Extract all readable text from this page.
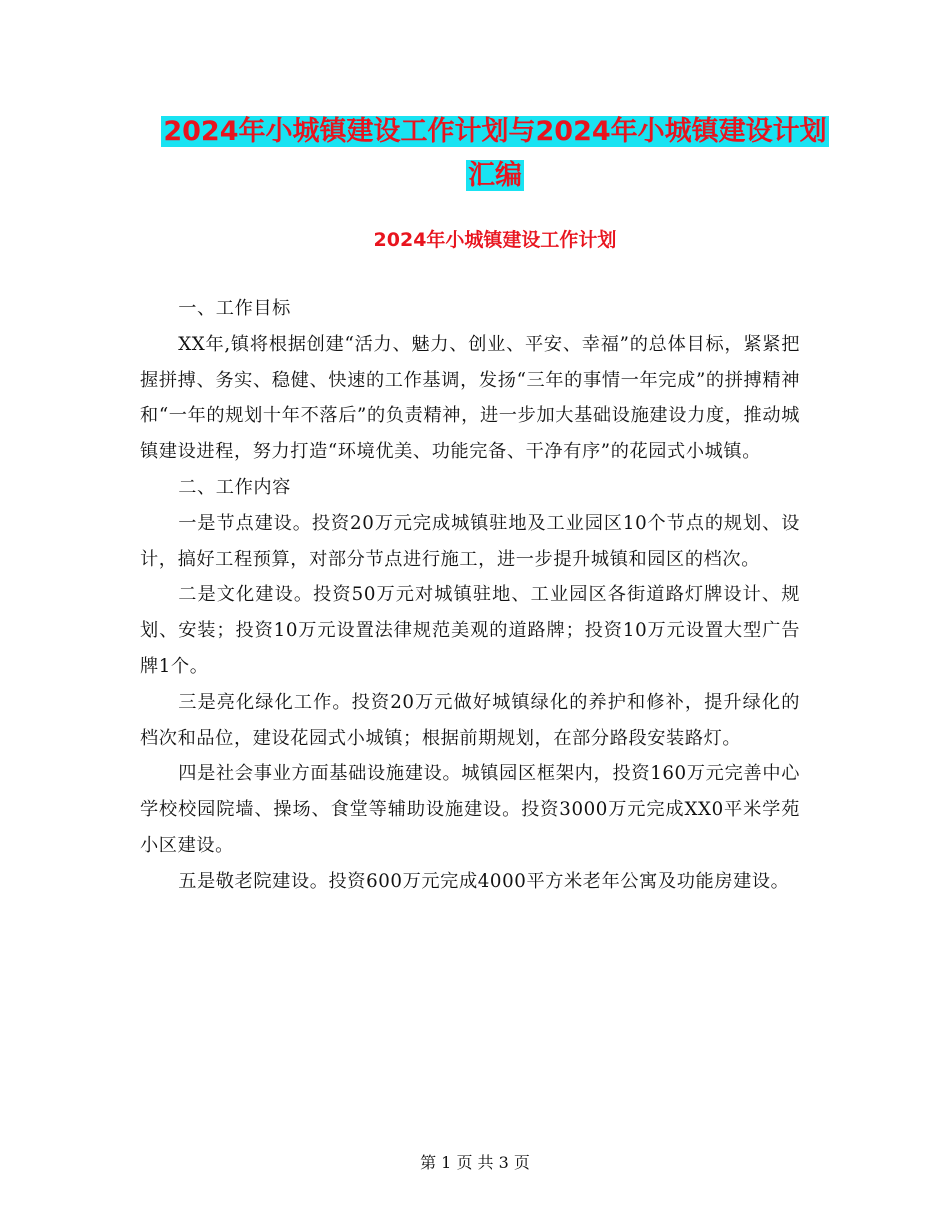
2024年小城镇建设工作计划与2024年小城镇建设计划
汇编
2024年小城镇建设工作计划

一、工作目标

XX年,镇将根据创建“活力、魅力、创业、平安、幸福”的总体目标，紧紧把握拼搏、务实、稳健、快速的工作基调，发扬“三年的事情一年完成”的拼搏精神和“一年的规划十年不落后”的负责精神，进一步加大基础设施建设力度，推动城镇建设进程，努力打造“环境优美、功能完备、干净有序”的花园式小城镇。

二、工作内容

一是节点建设。投资20万元完成城镇驻地及工业园区10个节点的规划、设计，搞好工程预算，对部分节点进行施工，进一步提升城镇和园区的档次。

二是文化建设。投资50万元对城镇驻地、工业园区各街道路灯牌设计、规划、安装；投资10万元设置法律规范美观的道路牌；投资10万元设置大型广告牌1个。

三是亮化绿化工作。投资20万元做好城镇绿化的养护和修补，提升绿化的档次和品位，建设花园式小城镇；根据前期规划，在部分路段安装路灯。

四是社会事业方面基础设施建设。城镇园区框架内，投资160万元完善中心学校校园院墙、操场、食堂等辅助设施建设。投资3000万元完成XX0平米学苑小区建设。

五是敬老院建设。投资600万元完成4000平方米老年公寓及功能房建设。

第 1 页 共 3 页
